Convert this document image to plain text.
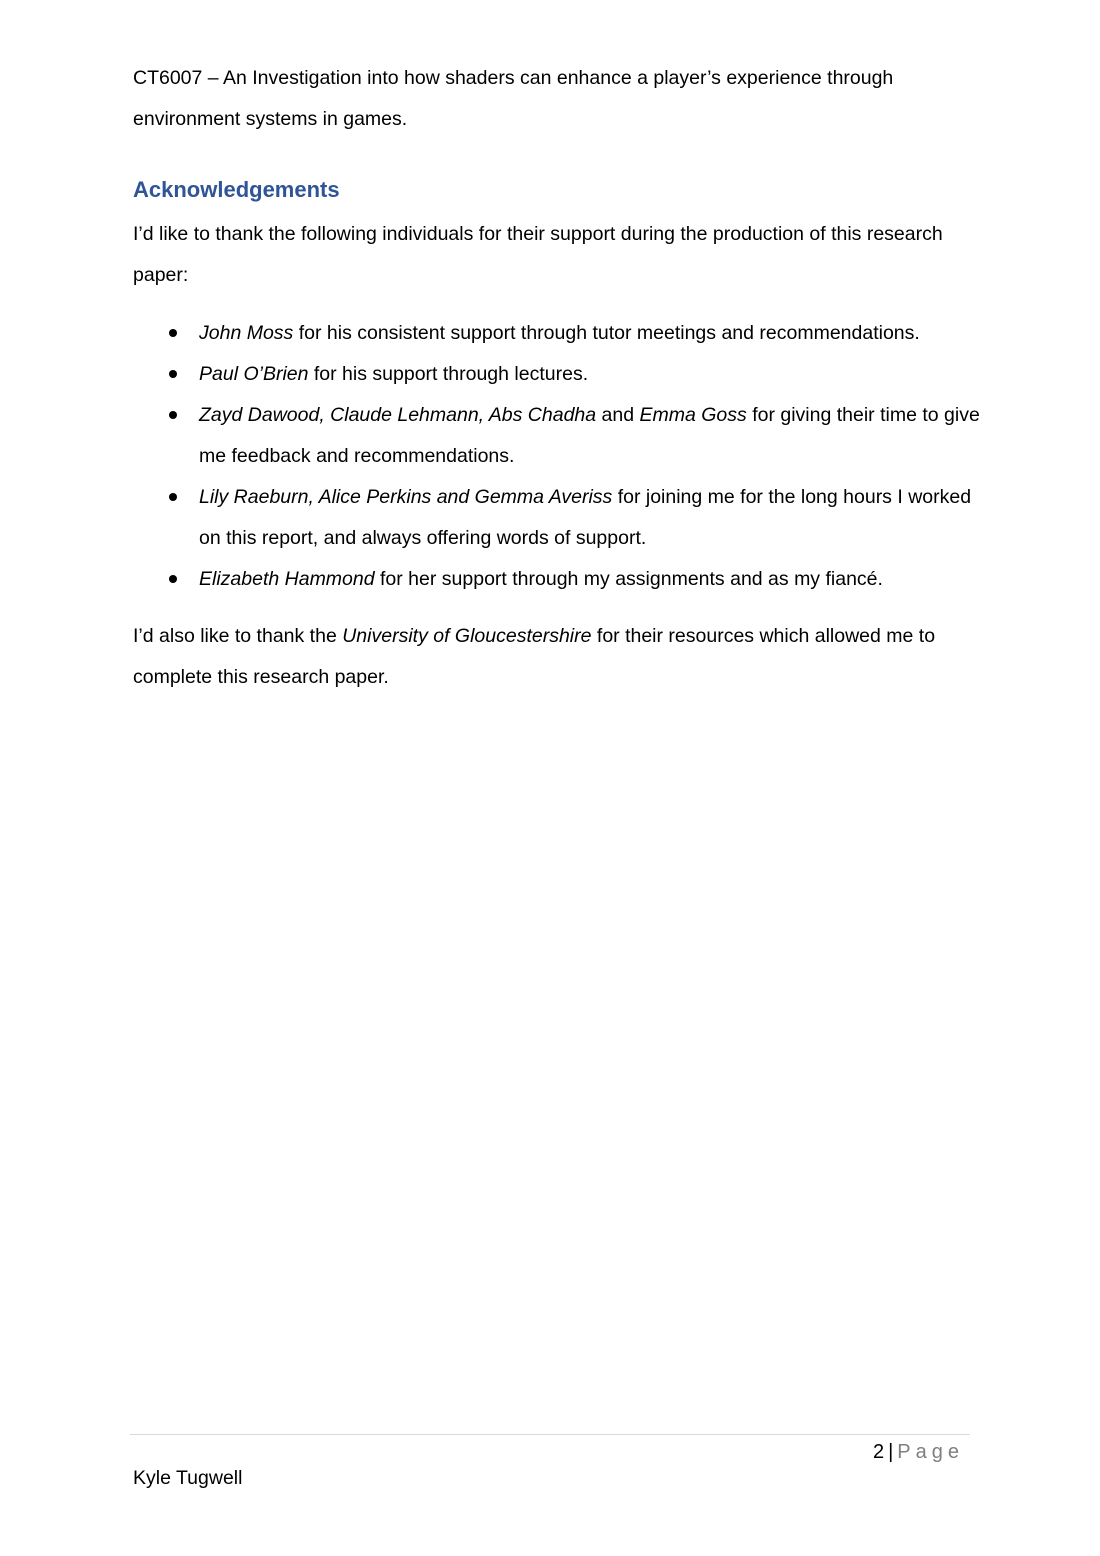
CT6007 – An Investigation into how shaders can enhance a player’s experience through environment systems in games.

Acknowledgements

I’d like to thank the following individuals for their support during the production of this research paper:

John Moss for his consistent support through tutor meetings and recommendations.
Paul O’Brien for his support through lectures.
Zayd Dawood, Claude Lehmann, Abs Chadha and Emma Goss for giving their time to give me feedback and recommendations.
Lily Raeburn, Alice Perkins and Gemma Averiss for joining me for the long hours I worked on this report, and always offering words of support.
Elizabeth Hammond for her support through my assignments and as my fiancé.

I’d also like to thank the University of Gloucestershire for their resources which allowed me to complete this research paper.

2 | Page
Kyle Tugwell
